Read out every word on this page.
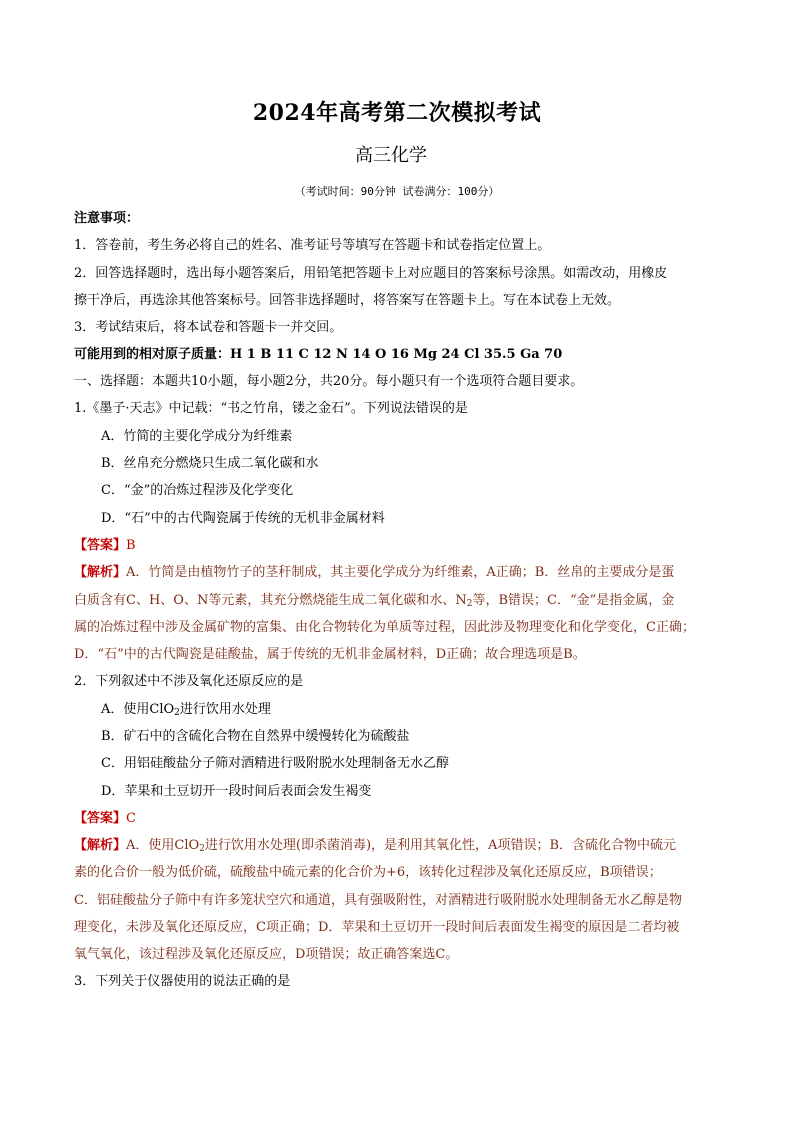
2024年高考第二次模拟考试
高三化学
（考试时间：90分钟 试卷满分：100分）
注意事项：
1．答卷前，考生务必将自己的姓名、准考证号等填写在答题卡和试卷指定位置上。
2．回答选择题时，选出每小题答案后，用铅笔把答题卡上对应题目的答案标号涂黑。如需改动，用橡皮
擦干净后，再选涂其他答案标号。回答非选择题时，将答案写在答题卡上。写在本试卷上无效。
3．考试结束后，将本试卷和答题卡一并交回。
可能用到的相对原子质量：H 1 B 11 C 12 N 14 O 16 Mg 24 Cl 35.5 Ga 70
一、选择题：本题共10小题，每小题2分，共20分。每小题只有一个选项符合题目要求。
1.《墨子·天志》中记载：“书之竹帛，镂之金石”。下列说法错误的是
A．竹简的主要化学成分为纤维素
B．丝帛充分燃烧只生成二氧化碳和水
C．“金”的冶炼过程涉及化学变化
D．“石”中的古代陶瓷属于传统的无机非金属材料
【答案】B
【解析】A．竹简是由植物竹子的茎秆制成，其主要化学成分为纤维素，A正确；B．丝帛的主要成分是蛋
白质含有C、H、O、N等元素，其充分燃烧能生成二氧化碳和水、$N_2$等，B错误；C．“金”是指金属，金
属的冶炼过程中涉及金属矿物的富集、由化合物转化为单质等过程，因此涉及物理变化和化学变化，C正确；
D．“石”中的古代陶瓷是硅酸盐，属于传统的无机非金属材料，D正确；故合理选项是B。
2．下列叙述中不涉及氧化还原反应的是
A．使用ClO$_2$进行饮用水处理
B．矿石中的含硫化合物在自然界中缓慢转化为硫酸盐
C．用铝硅酸盐分子筛对酒精进行吸附脱水处理制备无水乙醇
D．苹果和土豆切开一段时间后表面会发生褐变
【答案】C
【解析】A．使用ClO$_2$进行饮用水处理(即杀菌消毒)，是利用其氧化性，A项错误；B．含硫化合物中硫元
素的化合价一般为低价硫，硫酸盐中硫元素的化合价为+6，该转化过程涉及氧化还原反应，B项错误；
C．铝硅酸盐分子筛中有许多笼状空穴和通道，具有强吸附性，对酒精进行吸附脱水处理制备无水乙醇是物
理变化，未涉及氧化还原反应，C项正确；D．苹果和土豆切开一段时间后表面发生褐变的原因是二者均被
氧气氧化，该过程涉及氧化还原反应，D项错误；故正确答案选C。
3．下列关于仪器使用的说法正确的是
